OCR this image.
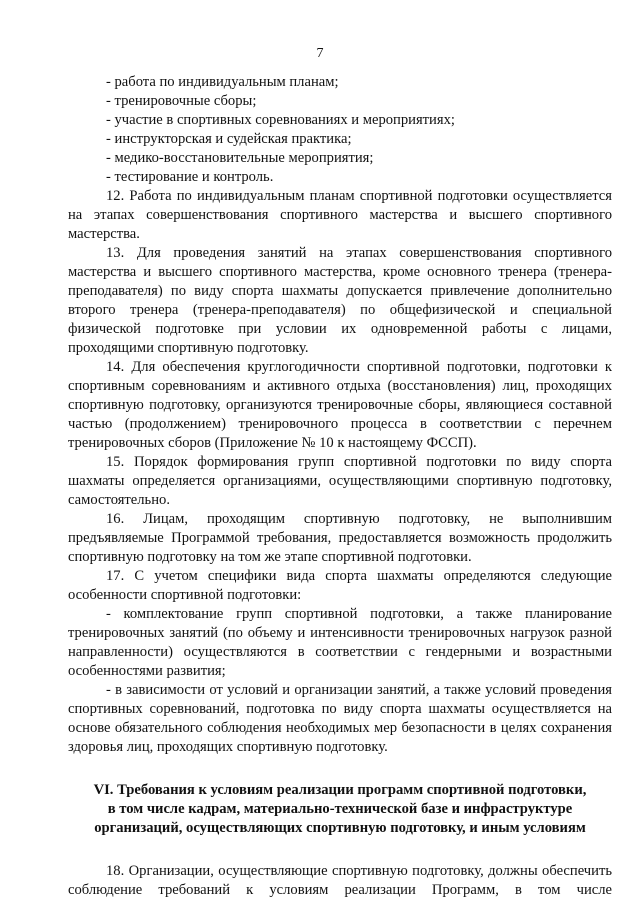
7

- работа по индивидуальным планам;

- тренировочные сборы;

- участие в спортивных соревнованиях и мероприятиях;

- инструкторская и судейская практика;

- медико-восстановительные мероприятия;

- тестирование и контроль.

12. Работа по индивидуальным планам спортивной подготовки осуществляется на этапах совершенствования спортивного мастерства и высшего спортивного мастерства.

13. Для проведения занятий на этапах совершенствования спортивного мастерства и высшего спортивного мастерства, кроме основного тренера (тренера-преподавателя) по виду спорта шахматы допускается привлечение дополнительно второго тренера (тренера-преподавателя) по общефизической и специальной физической подготовке при условии их одновременной работы с лицами, проходящими спортивную подготовку.

14. Для обеспечения круглогодичности спортивной подготовки, подготовки к спортивным соревнованиям и активного отдыха (восстановления) лиц, проходящих спортивную подготовку, организуются тренировочные сборы, являющиеся составной частью (продолжением) тренировочного процесса в соответствии с перечнем тренировочных сборов (Приложение № 10 к настоящему ФССП).

15. Порядок формирования групп спортивной подготовки по виду спорта шахматы определяется организациями, осуществляющими спортивную подготовку, самостоятельно.

16. Лицам, проходящим спортивную подготовку, не выполнившим предъявляемые Программой требования, предоставляется возможность продолжить спортивную подготовку на том же этапе спортивной подготовки.

17. С учетом специфики вида спорта шахматы определяются следующие особенности спортивной подготовки:

- комплектование групп спортивной подготовки, а также планирование тренировочных занятий (по объему и интенсивности тренировочных нагрузок разной направленности) осуществляются в соответствии с гендерными и возрастными особенностями развития;

- в зависимости от условий и организации занятий, а также условий проведения спортивных соревнований, подготовка по виду спорта шахматы осуществляется на основе обязательного соблюдения необходимых мер безопасности в целях сохранения здоровья лиц, проходящих спортивную подготовку.

VI. Требования к условиям реализации программ спортивной подготовки,
в том числе кадрам, материально-технической базе и инфраструктуре
организаций, осуществляющих спортивную подготовку, и иным условиям

18. Организации, осуществляющие спортивную подготовку, должны обеспечить соблюдение требований к условиям реализации Программ, в том числе
